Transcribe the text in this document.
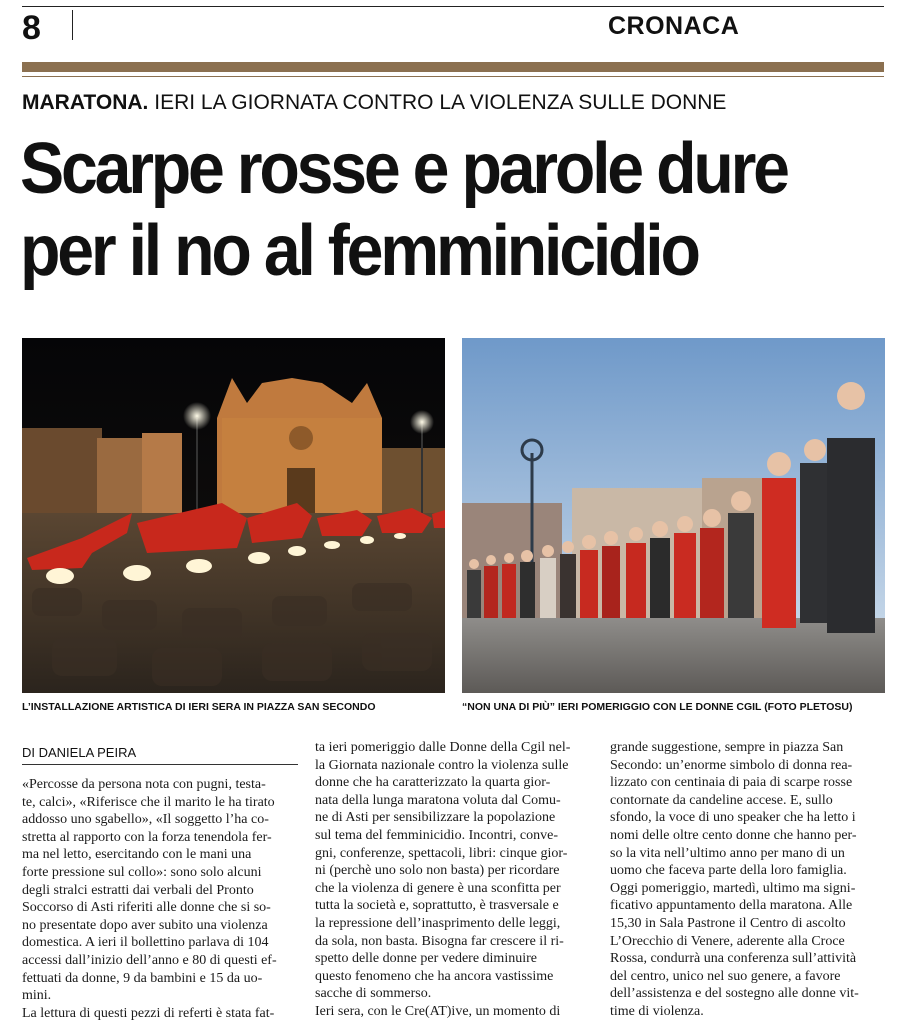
8	CRONACA
MARATONA. IERI LA GIORNATA CONTRO LA VIOLENZA SULLE DONNE
Scarpe rosse e parole dure
per il no al femminicidio
L’INSTALLAZIONE ARTISTICA DI IERI SERA IN PIAZZA SAN SECONDO	“NON UNA DI PIÙ” IERI POMERIGGIO CON LE DONNE CGIL (FOTO PLETOSU)
DI DANIELA PEIRA
«Percosse da persona nota con pugni, testa-
te, calci», «Riferisce che il marito le ha tirato
addosso uno sgabello», «Il soggetto l’ha co-
stretta al rapporto con la forza tenendola fer-
ma nel letto, esercitando con le mani una
forte pressione sul collo»: sono solo alcuni
degli stralci estratti dai verbali del Pronto
Soccorso di Asti riferiti alle donne che si so-
no presentate dopo aver subito una violenza
domestica. A ieri il bollettino parlava di 104
accessi dall’inizio dell’anno e 80 di questi ef-
fettuati da donne, 9 da bambini e 15 da uo-
mini.
La lettura di questi pezzi di referti è stata fat-
ta ieri pomeriggio dalle Donne della Cgil nel-
la Giornata nazionale contro la violenza sulle
donne che ha caratterizzato la quarta gior-
nata della lunga maratona voluta dal Comu-
ne di Asti per sensibilizzare la popolazione
sul tema del femminicidio. Incontri, conve-
gni, conferenze, spettacoli, libri: cinque gior-
ni (perchè uno solo non basta) per ricordare
che la violenza di genere è una sconfitta per
tutta la società e, soprattutto, è trasversale e
la repressione dell’inasprimento delle leggi,
da sola, non basta. Bisogna far crescere il ri-
spetto delle donne per vedere diminuire
questo fenomeno che ha ancora vastissime
sacche di sommerso.
Ieri sera, con le Cre(AT)ive, un momento di
grande suggestione, sempre in piazza San
Secondo: un’enorme simbolo di donna rea-
lizzato con centinaia di paia di scarpe rosse
contornate da candeline accese. E, sullo
sfondo, la voce di uno speaker che ha letto i
nomi delle oltre cento donne che hanno per-
so la vita nell’ultimo anno per mano di un
uomo che faceva parte della loro famiglia.
Oggi pomeriggio, martedì, ultimo ma signi-
ficativo appuntamento della maratona. Alle
15,30 in Sala Pastrone il Centro di ascolto
L’Orecchio di Venere, aderente alla Croce
Rossa, condurrà una conferenza sull’attività
del centro, unico nel suo genere, a favore
dell’assistenza e del sostegno alle donne vit-
time di violenza.
